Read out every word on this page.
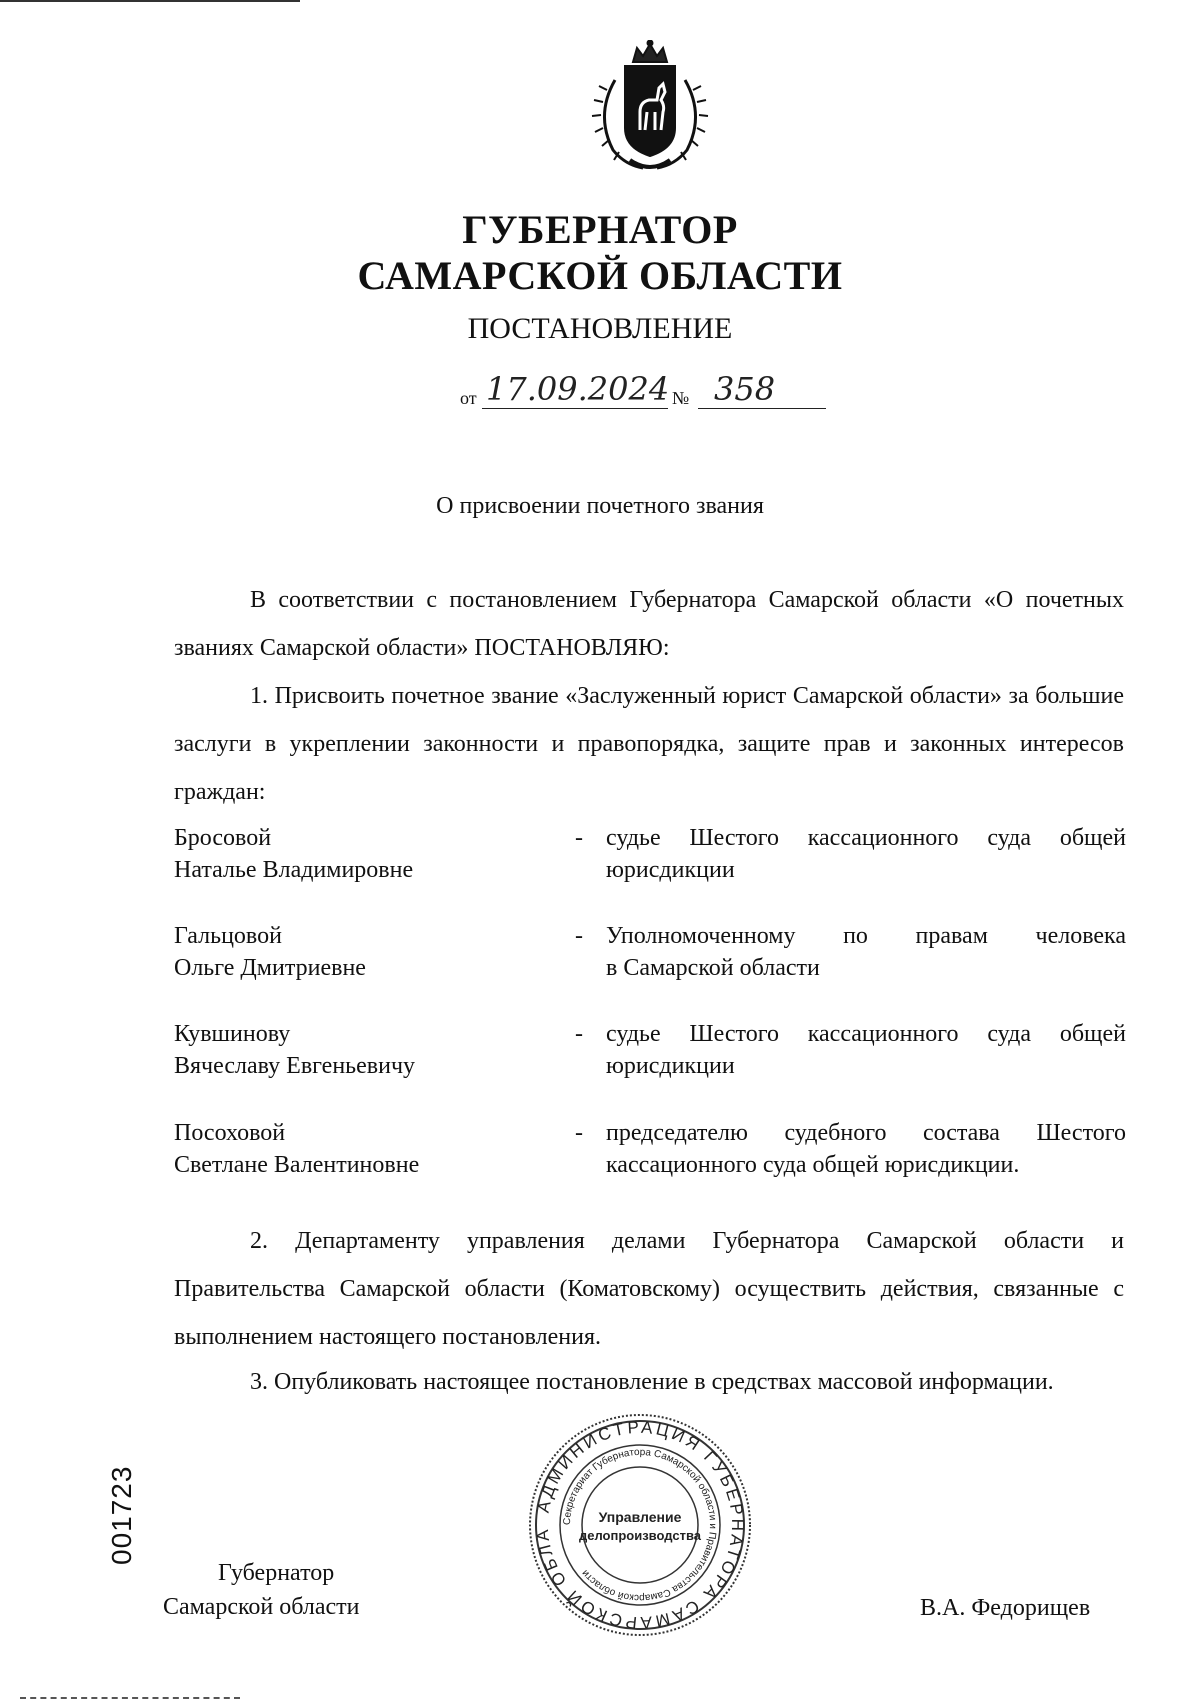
ГУБЕРНАТОР
САМАРСКОЙ ОБЛАСТИ
ПОСТАНОВЛЕНИЕ
от 17.09.2024 № 358
О присвоении почетного звания
В соответствии с постановлением Губернатора Самарской области «О почетных званиях Самарской области» ПОСТАНОВЛЯЮ:
1. Присвоить почетное звание «Заслуженный юрист Самарской области» за большие заслуги в укреплении законности и правопорядка, защите прав и законных интересов граждан:
Бросовой
Наталье Владимировне
- судье Шестого кассационного суда общей
юрисдикции
Гальцовой
Ольге Дмитриевне
- Уполномоченному по правам человека
в Самарской области
Кувшинову
Вячеславу Евгеньевичу
- судье Шестого кассационного суда общей
юрисдикции
Посоховой
Светлане Валентиновне
- председателю судебного состава Шестого
кассационного суда общей юрисдикции.
2. Департаменту управления делами Губернатора Самарской области и Правительства Самарской области (Коматовскому) осуществить действия, связанные с выполнением настоящего постановления.
3. Опубликовать настоящее постановление в средствах массовой информации.
001723	АДМИНИСТРАЦИЯ ГУБЕРНАТОРА САМАРСКОЙ ОБЛА
Секретариат Губернатора Самарской области и Правительства Самарской области
Управление
делопроизводства
Губернатор
Самарской области	В.А. Федорищев
